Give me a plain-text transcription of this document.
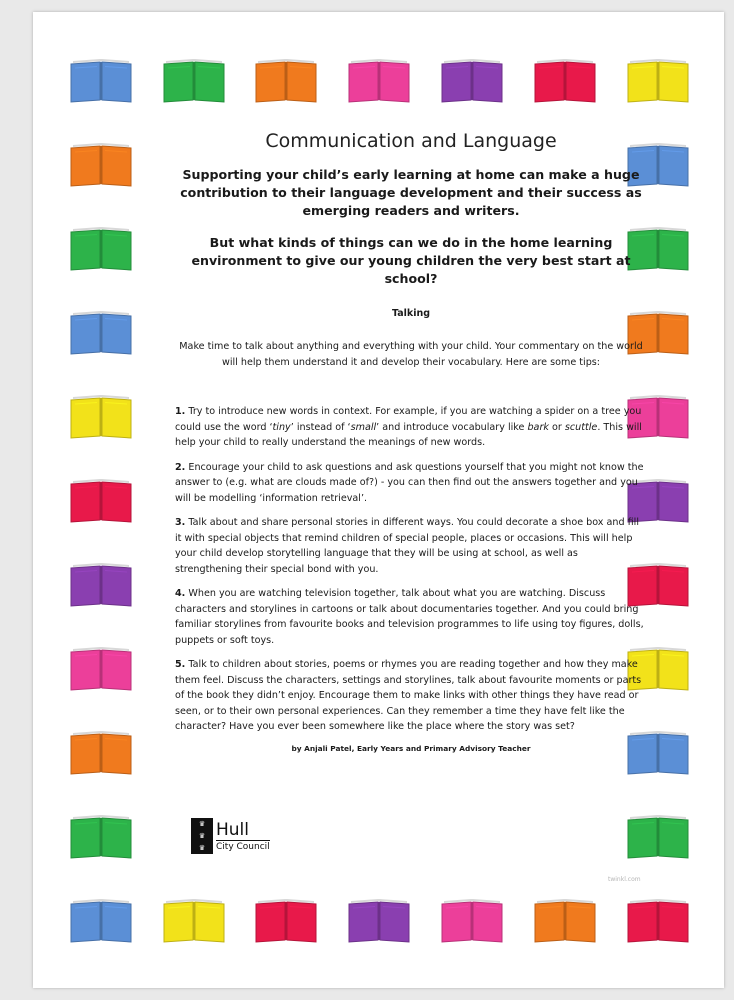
Communication and Language

Supporting your child’s early learning at home can make a huge contribution to their language development and their success as emerging readers and writers.

But what kinds of things can we do in the home learning environment to give our young children the very best start at school?

Talking

Make time to talk about anything and everything with your child. Your commentary on the world will help them understand it and develop their vocabulary. Here are some tips:

1. Try to introduce new words in context. For example, if you are watching a spider on a tree you could use the word ‘tiny’ instead of ‘small’ and introduce vocabulary like bark or scuttle. This will help your child to really understand the meanings of new words.

2. Encourage your child to ask questions and ask questions yourself that you might not know the answer to (e.g. what are clouds made of?) - you can then find out the answers together and you will be modelling ‘information retrieval’.

3. Talk about and share personal stories in different ways. You could decorate a shoe box and fill it with special objects that remind children of special people, places or occasions. This will help your child develop storytelling language that they will be using at school, as well as strengthening their special bond with you.

4. When you are watching television together, talk about what you are watching. Discuss characters and storylines in cartoons or talk about documentaries together. And you could bring familiar storylines from favourite books and television programmes to life using toy figures, dolls, puppets or soft toys.

5. Talk to children about stories, poems or rhymes you are reading together and how they make them feel. Discuss the characters, settings and storylines, talk about favourite moments or parts of the book they didn’t enjoy. Encourage them to make links with other things they have read or seen, or to their own personal experiences. Can they remember a time they have felt like the character? Have you ever been somewhere like the place where the story was set?

by Anjali Patel, Early Years and Primary Advisory Teacher

♛
♛
♛
Hull
City Council
twinkl.com
